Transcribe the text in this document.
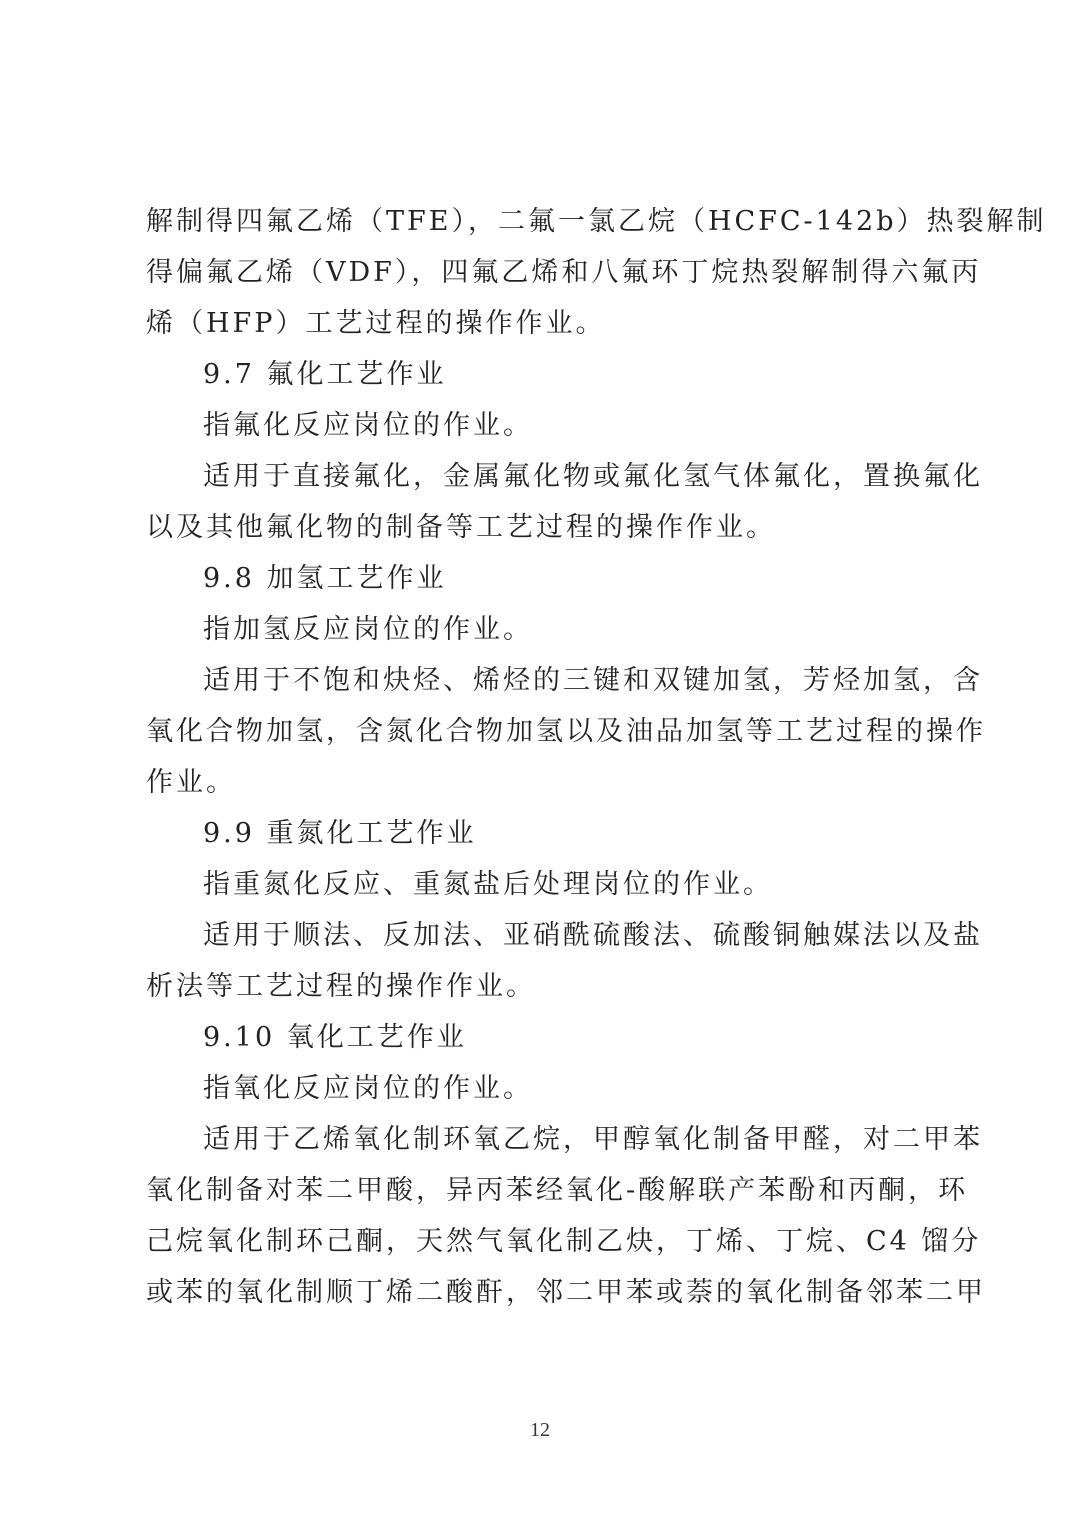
解制得四氟乙烯（TFE），二氟一氯乙烷（HCFC-142b）热裂解制
得偏氟乙烯（VDF），四氟乙烯和八氟环丁烷热裂解制得六氟丙
烯（HFP）工艺过程的操作作业。
9.7 氟化工艺作业
指氟化反应岗位的作业。
适用于直接氟化，金属氟化物或氟化氢气体氟化，置换氟化
以及其他氟化物的制备等工艺过程的操作作业。
9.8 加氢工艺作业
指加氢反应岗位的作业。
适用于不饱和炔烃、烯烃的三键和双键加氢，芳烃加氢，含
氧化合物加氢，含氮化合物加氢以及油品加氢等工艺过程的操作
作业。
9.9 重氮化工艺作业
指重氮化反应、重氮盐后处理岗位的作业。
适用于顺法、反加法、亚硝酰硫酸法、硫酸铜触媒法以及盐
析法等工艺过程的操作作业。
9.10 氧化工艺作业
指氧化反应岗位的作业。
适用于乙烯氧化制环氧乙烷，甲醇氧化制备甲醛，对二甲苯
氧化制备对苯二甲酸，异丙苯经氧化-酸解联产苯酚和丙酮，环
己烷氧化制环己酮，天然气氧化制乙炔，丁烯、丁烷、C4 馏分
或苯的氧化制顺丁烯二酸酐，邻二甲苯或萘的氧化制备邻苯二甲
12
